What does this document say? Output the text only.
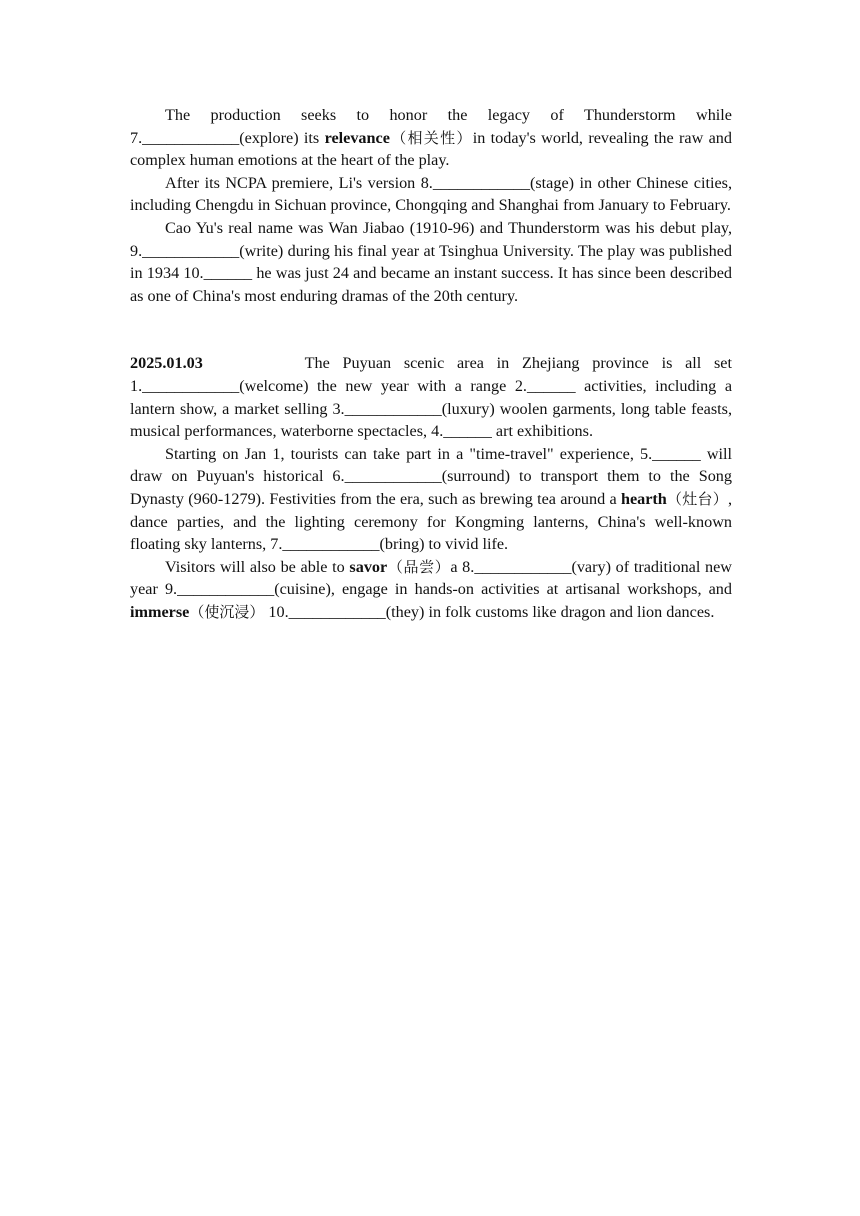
The production seeks to honor the legacy of Thunderstorm while 7.____________(explore) its relevance（相关性）in today's world, revealing the raw and complex human emotions at the heart of the play.

After its NCPA premiere, Li's version 8.____________(stage) in other Chinese cities, including Chengdu in Sichuan province, Chongqing and Shanghai from January to February.

Cao Yu's real name was Wan Jiabao (1910-96) and Thunderstorm was his debut play, 9.____________(write) during his final year at Tsinghua University. The play was published in 1934 10.______ he was just 24 and became an instant success. It has since been described as one of China's most enduring dramas of the 20th century.

2025.01.03	The Puyuan scenic area in Zhejiang province is all set 1.____________(welcome) the new year with a range 2.______ activities, including a lantern show, a market selling 3.____________(luxury) woolen garments, long table feasts, musical performances, waterborne spectacles, 4.______ art exhibitions.

Starting on Jan 1, tourists can take part in a "time-travel" experience, 5.______ will draw on Puyuan's historical 6.____________(surround) to transport them to the Song Dynasty (960-1279). Festivities from the era, such as brewing tea around a hearth（灶台）, dance parties, and the lighting ceremony for Kongming lanterns, China's well-known floating sky lanterns, 7.____________(bring) to vivid life.

Visitors will also be able to savor（品尝）a 8.____________(vary) of traditional new year 9.____________(cuisine), engage in hands-on activities at artisanal workshops, and immerse（使沉浸） 10.____________(they) in folk customs like dragon and lion dances.
